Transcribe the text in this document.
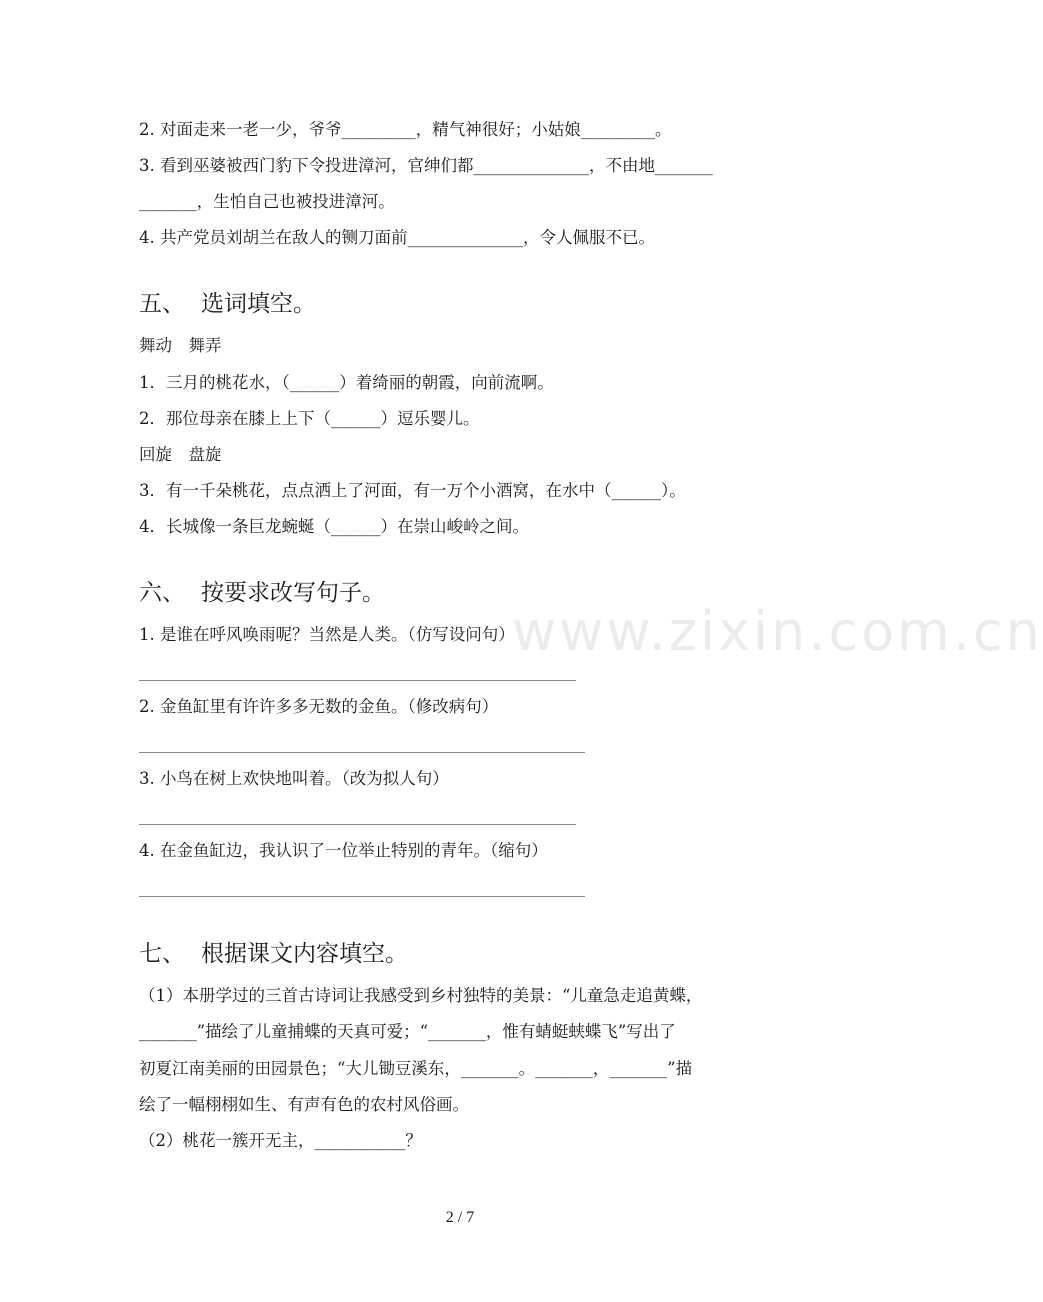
www.zixin.com.cn
2. 对面走来一老一少，爷爷_________，精气神很好；小姑娘_________。
3. 看到巫婆被西门豹下令投进漳河，官绅们都______________，不由地_______
_______，生怕自己也被投进漳河。
4. 共产党员刘胡兰在敌人的铡刀面前______________，令人佩服不已。
五、 选词填空。
舞动　舞弄
1．三月的桃花水，（______）着绮丽的朝霞，向前流啊。
2．那位母亲在膝上上下（______）逗乐婴儿。
回旋　盘旋
3．有一千朵桃花，点点洒上了河面，有一万个小酒窝，在水中（______）。
4．长城像一条巨龙蜿蜒（______）在崇山峻岭之间。
六、 按要求改写句子。
1. 是谁在呼风唤雨呢？当然是人类。（仿写设问句）
2. 金鱼缸里有许许多多无数的金鱼。（修改病句）
3. 小鸟在树上欢快地叫着。（改为拟人句）
4. 在金鱼缸边，我认识了一位举止特别的青年。（缩句）
七、 根据课文内容填空。
（1）本册学过的三首古诗词让我感受到乡村独特的美景：“儿童急走追黄蝶，
_______”描绘了儿童捕蝶的天真可爱；“_______，惟有蜻蜓蛱蝶飞”写出了
初夏江南美丽的田园景色；“大儿锄豆溪东，_______。_______，_______”描
绘了一幅栩栩如生、有声有色的农村风俗画。
（2）桃花一簇开无主，___________？
2 / 7
